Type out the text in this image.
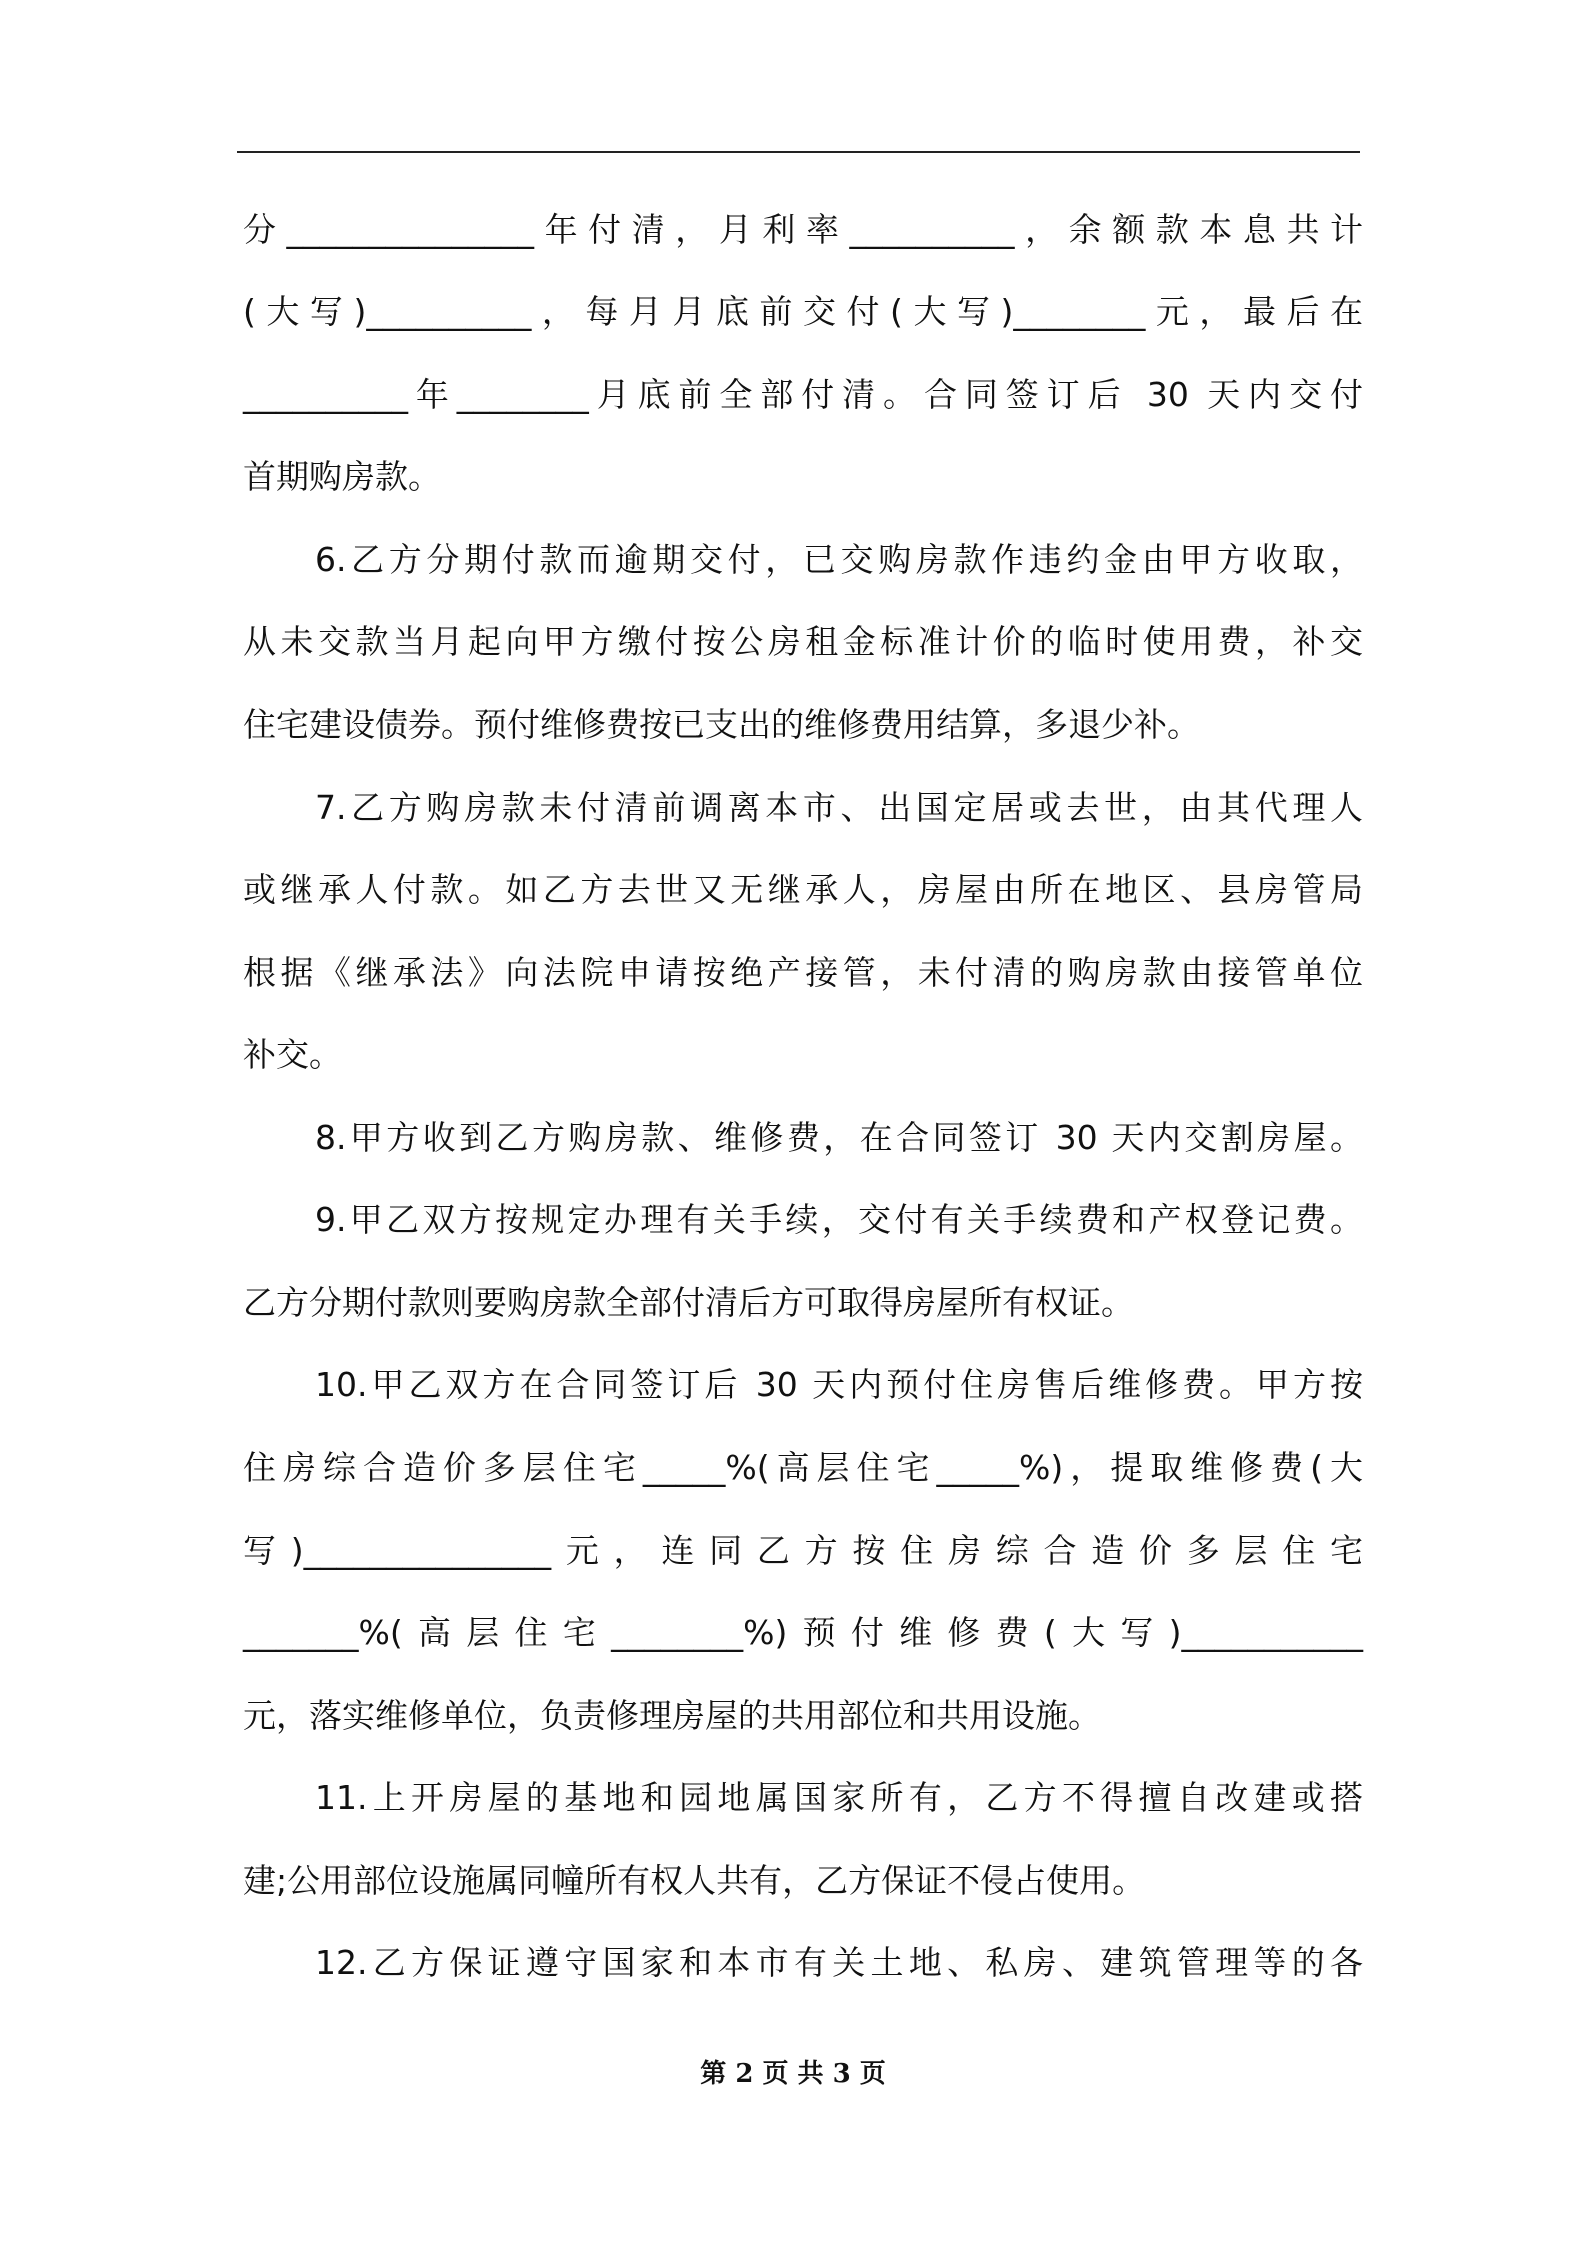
分_______________年付清，月利率__________，余额款本息共计

(大写)__________，每月月底前交付(大写)________元，最后在

__________年________月底前全部付清。合同签订后 30 天内交付

首期购房款。

6.乙方分期付款而逾期交付，已交购房款作违约金由甲方收取，

从未交款当月起向甲方缴付按公房租金标准计价的临时使用费，补交

住宅建设债券。预付维修费按已支出的维修费用结算，多退少补。

7.乙方购房款未付清前调离本市、出国定居或去世，由其代理人

或继承人付款。如乙方去世又无继承人，房屋由所在地区、县房管局

根据《继承法》向法院申请按绝产接管，未付清的购房款由接管单位

补交。

8.甲方收到乙方购房款、维修费，在合同签订 30 天内交割房屋。

9.甲乙双方按规定办理有关手续，交付有关手续费和产权登记费。

乙方分期付款则要购房款全部付清后方可取得房屋所有权证。

10.甲乙双方在合同签订后 30 天内预付住房售后维修费。甲方按

住房综合造价多层住宅_____%(高层住宅_____%)，提取维修费(大

写)_______________元，连同乙方按住房综合造价多层住宅

_______%(高层住宅________%)预付维修费(大写)___________

元，落实维修单位，负责修理房屋的共用部位和共用设施。

11.上开房屋的基地和园地属国家所有，乙方不得擅自改建或搭

建;公用部位设施属同幢所有权人共有，乙方保证不侵占使用。

12.乙方保证遵守国家和本市有关土地、私房、建筑管理等的各

第 2 页 共 3 页
